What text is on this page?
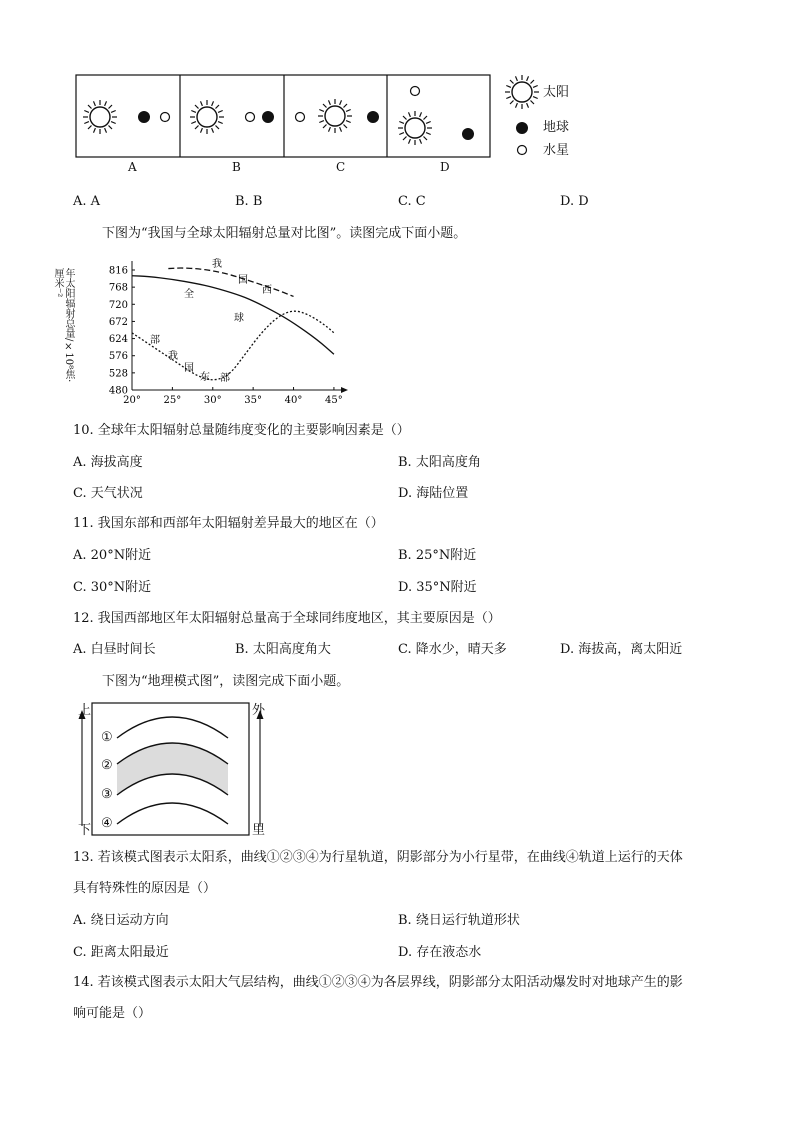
太阳
地球
水星
A	B	C	D
A. A	B. B	C. C	D. D
下图为“我国与全球太阳辐射总量对比图”。读图完成下面小题。
816
768
720
672
624
576
528
480
20° 25° 30° 35° 40° 45°
全
球
我
国
西
部
我
国
东 部
年太阳辐射总量/×10⁸焦·厘米⁻²
10. 全球年太阳辐射总量随纬度变化的主要影响因素是（）
A. 海拔高度	B. 太阳高度角
C. 天气状况	D. 海陆位置
11. 我国东部和西部年太阳辐射差异最大的地区在（）
A. 20°N附近	B. 25°N附近
C. 30°N附近	D. 35°N附近
12. 我国西部地区年太阳辐射总量高于全球同纬度地区，其主要原因是（）
A. 白昼时间长	B. 太阳高度角大	C. 降水少，晴天多	D. 海拔高，离太阳近
下图为“地理模式图”，读图完成下面小题。
上
下
外
里
①
②
③
④
13. 若该模式图表示太阳系，曲线①②③④为行星轨道，阴影部分为小行星带，在曲线④轨道上运行的天体
具有特殊性的原因是（）
A. 绕日运动方向	B. 绕日运行轨道形状
C. 距离太阳最近	D. 存在液态水
14. 若该模式图表示太阳大气层结构，曲线①②③④为各层界线，阴影部分太阳活动爆发时对地球产生的影
响可能是（）
